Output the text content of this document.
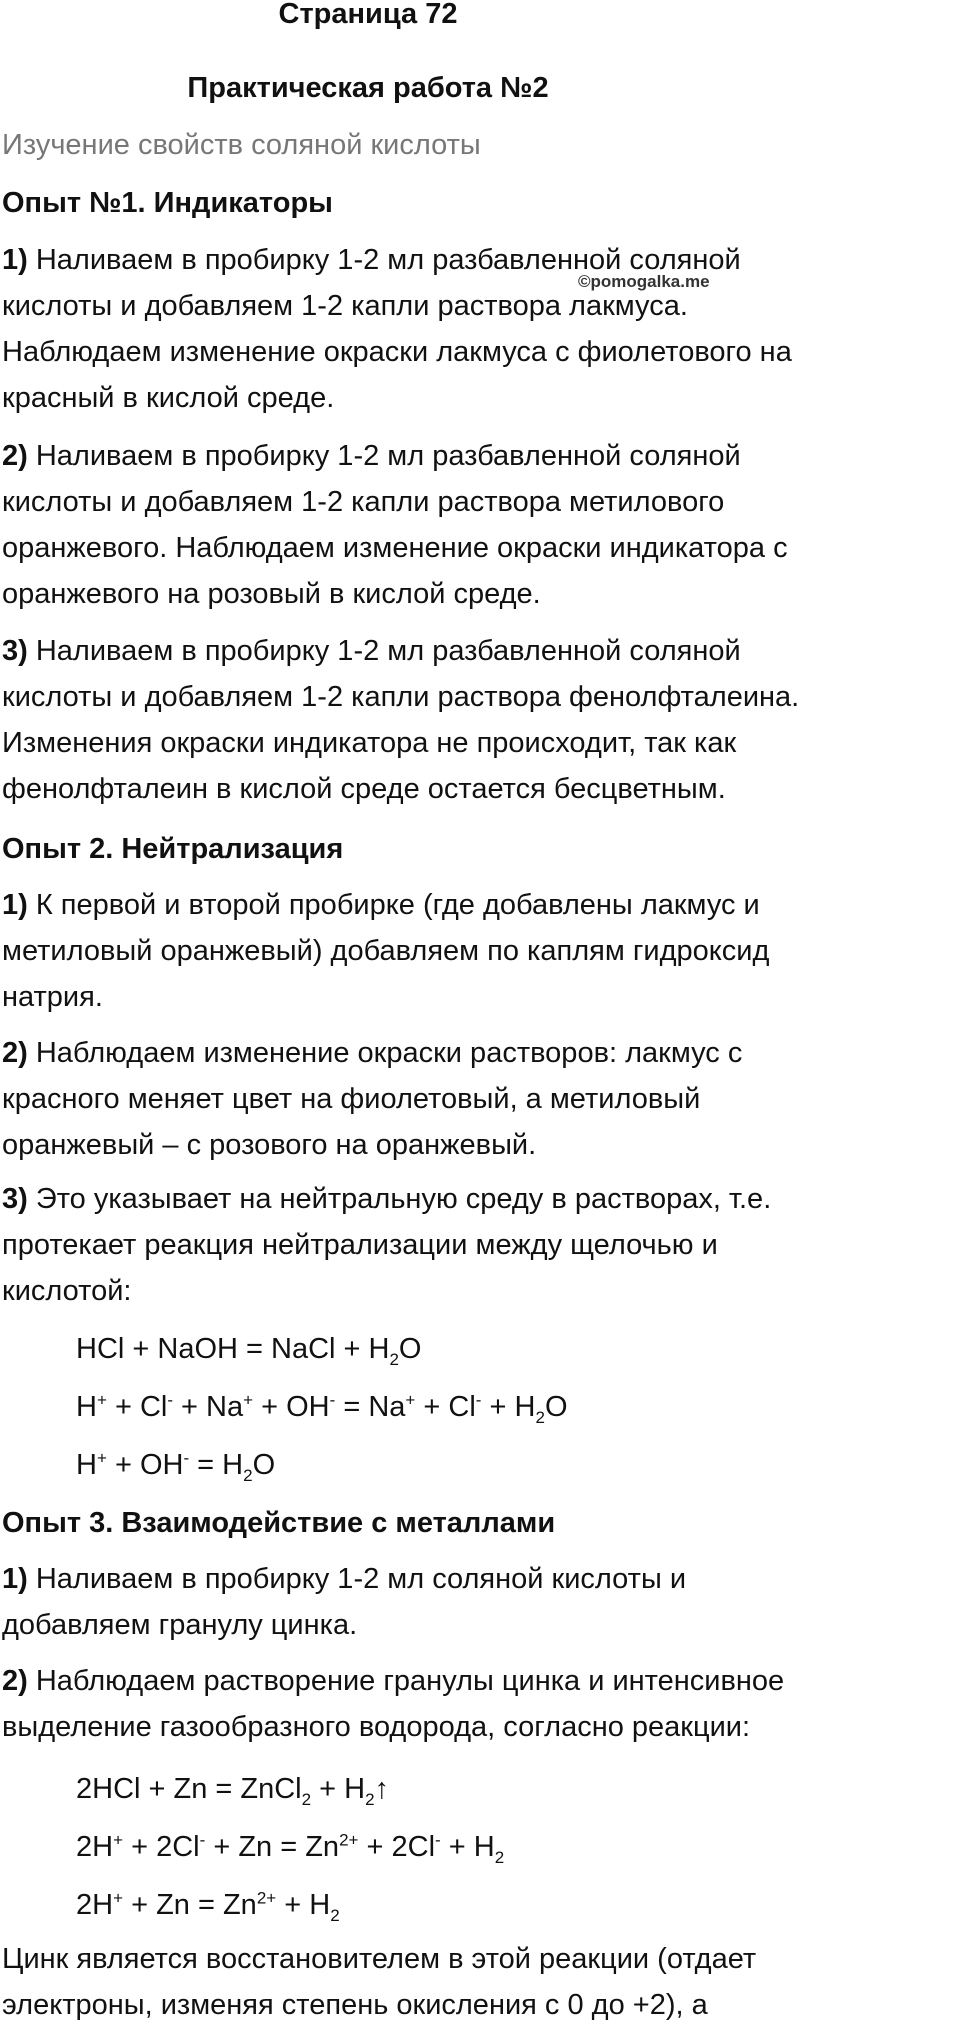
Страница 72
Практическая работа №2
Изучение свойств соляной кислоты
©pomogalka.me
Опыт №1. Индикаторы
1) Наливаем в пробирку 1-2 мл разбавленной соляной
кислоты и добавляем 1-2 капли раствора лакмуса.
Наблюдаем изменение окраски лакмуса с фиолетового на
красный в кислой среде.
2) Наливаем в пробирку 1-2 мл разбавленной соляной
кислоты и добавляем 1-2 капли раствора метилового
оранжевого. Наблюдаем изменение окраски индикатора с
оранжевого на розовый в кислой среде.
3) Наливаем в пробирку 1-2 мл разбавленной соляной
кислоты и добавляем 1-2 капли раствора фенолфталеина.
Изменения окраски индикатора не происходит, так как
фенолфталеин в кислой среде остается бесцветным.
Опыт 2. Нейтрализация
1) К первой и второй пробирке (где добавлены лакмус и
метиловый оранжевый) добавляем по каплям гидроксид
натрия.
2) Наблюдаем изменение окраски растворов: лакмус с
красного меняет цвет на фиолетовый, а метиловый
оранжевый – с розового на оранжевый.
3) Это указывает на нейтральную среду в растворах, т.е.
протекает реакция нейтрализации между щелочью и
кислотой:
HCl + NaOH = NaCl + $H_2O$
$H^+ + Cl^- + Na^+ + OH^- = Na^+ + Cl^- + H_2O$
$H^+ + OH^- = H_2O$
Опыт 3. Взаимодействие с металлами
1) Наливаем в пробирку 1-2 мл соляной кислоты и
добавляем гранулу цинка.
2) Наблюдаем растворение гранулы цинка и интенсивное
выделение газообразного водорода, согласно реакции:
2HCl + Zn = ZnCl$_2$ + $H_2↑$
$2H^+ + 2Cl^- + Zn = Zn^{2+} + 2Cl^- + H_2$
$2H^+ + Zn = Zn^{2+} + H_2$
Цинк является восстановителем в этой реакции (отдает
электроны, изменяя степень окисления с 0 до +2), а
